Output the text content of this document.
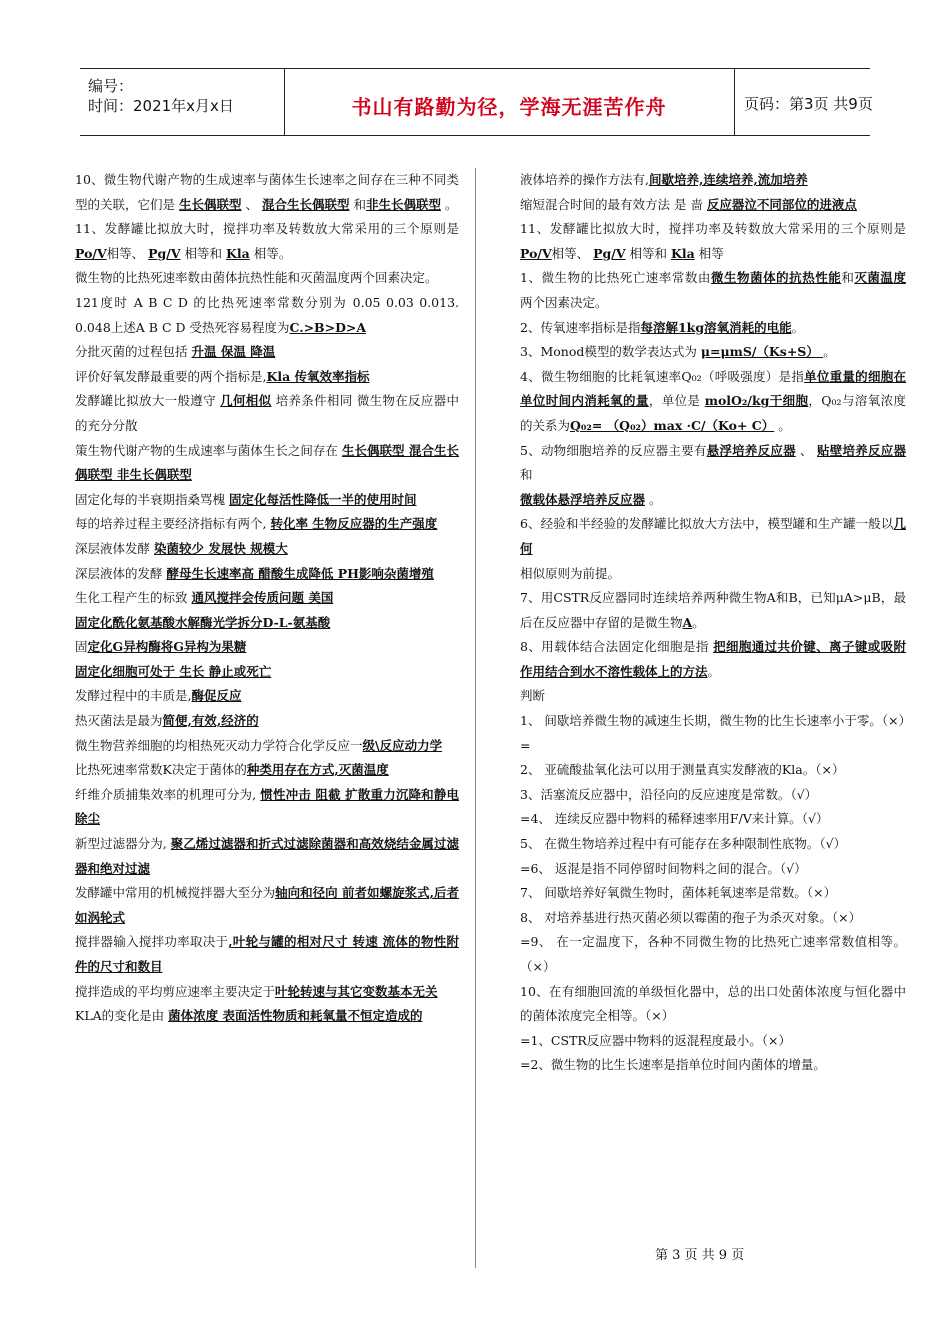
编号：
时间：2021年x月x日	书山有路勤为径，学海无涯苦作舟	页码：第3页 共9页

10、微生物代谢产物的生成速率与菌体生长速率之间存在三种不同类型的关联，它们是 生长偶联型 、 混合生长偶联型 和非生长偶联型 。

11、发酵罐比拟放大时，搅拌功率及转数放大常采用的三个原则是 Po/V相等、 Pg/V 相等和 Kla 相等。

微生物的比热死速率数由菌体抗热性能和灭菌温度两个回素决定。

121度时 A B C D 的比热死速率常数分别为 0.05 0.03 0.013. 0.048上述A B C D 受热死容易程度为C.>B>D>A

分批灭菌的过程包括 升温 保温 降温

评价好氧发酵最重要的两个指标是,Kla 传氧效率指标

发酵罐比拟放大一般遵守 几何相似 培养条件相同 微生物在反应器中的充分分散

策生物代谢产物的生成速率与菌体生长之间存在 生长偶联型 混合生长偶联型 非生长偶联型

固定化每的半衰期指桑骂槐 固定化每活性降低一半的使用时间

每的培养过程主要经济指标有两个, 转化率 生物反应器的生产强度

深层液体发酵 染菌较少 发展快 规模大

深层液体的发酵 酵母生长速率高 醋酸生成降低 PH影响杂菌增殖

生化工程产生的标致 通风搅拌会传质问题 美国

固定化酰化氨基酸水解酶光学拆分D-L-氨基酸

固定化G异构酶将G异构为果糖

固定化细胞可处于 生长 静止或死亡

发酵过程中的丰质是,酶促反应

热灭菌法是最为简便,有效,经济的

微生物营养细胞的均相热死灭动力学符合化学反应一级\反应动力学

比热死速率常数K决定于菌体的种类用存在方式,灭菌温度

纤维介质捕集效率的机理可分为, 惯性冲击 阻截 扩散重力沉降和静电除尘

新型过滤器分为, 聚乙烯过滤器和折式过滤除菌器和高效烧结金属过滤器和绝对过滤

发酵罐中常用的机械搅拌器大至分为轴向和径向 前者如螺旋浆式,后者如涡轮式

搅拌器输入搅拌功率取决于,叶轮与罐的相对尺寸 转速 流体的物性附件的尺寸和数目

搅拌造成的平均剪应速率主要决定于叶轮转速与其它变数基本无关

KLA的变化是由 菌体浓度 表面活性物质和耗氧量不恒定造成的

液体培养的操作方法有,间歇培养,连续培养,流加培养

缩短混合时间的最有效方法 是 啬 反应器泣不同部位的进液点

11、发酵罐比拟放大时，搅拌功率及转数放大常采用的三个原则是 Po/V相等、 Pg/V 相等和 Kla 相等

1、微生物的比热死亡速率常数由微生物菌体的抗热性能和灭菌温度 两个因素决定。

2、传氧速率指标是指每溶解1kg溶氧消耗的电能。

3、Monod模型的数学表达式为 μ=μmS/（Ks+S） 。

4、微生物细胞的比耗氧速率Q₀₂（呼吸强度）是指单位重量的细胞在单位时间内消耗氧的量，单位是 molO₂/kg干细胞，Q₀₂与溶氧浓度的关系为Q₀₂= （Q₀₂）max ·C/（Ko+ C） 。

5、动物细胞培养的反应器主要有悬浮培养反应器 、 贴壁培养反应器 和

微载体悬浮培养反应器 。

6、经验和半经验的发酵罐比拟放大方法中，模型罐和生产罐一般以几何

相似原则为前提。

7、用CSTR反应器同时连续培养两种微生物A和B，已知μA>μB，最后在反应器中存留的是微生物A。

8、用载体结合法固定化细胞是指 把细胞通过共价键、离子键或吸附作用结合到水不溶性载体上的方法。

判断

1、 间歇培养微生物的减速生长期，微生物的比生长速率小于零。（×）

=

2、 亚硫酸盐氧化法可以用于测量真实发酵液的Kla。（×）

3、活塞流反应器中，沿径向的反应速度是常数。（√）

=4、 连续反应器中物料的稀释速率用F/V来计算。（√）

5、 在微生物培养过程中有可能存在多种限制性底物。（√）

=6、 返混是指不同停留时间物料之间的混合。（√）

7、 间歇培养好氧微生物时，菌体耗氧速率是常数。（×）

8、 对培养基进行热灭菌必须以霉菌的孢子为杀灭对象。（×）

=9、 在一定温度下，各种不同微生物的比热死亡速率常数值相等。（×）

10、在有细胞回流的单级恒化器中，总的出口处菌体浓度与恒化器中的菌体浓度完全相等。（×）

=1、CSTR反应器中物料的返混程度最小。（×）

=2、微生物的比生长速率是指单位时间内菌体的增量。

第 3 页 共 9 页
